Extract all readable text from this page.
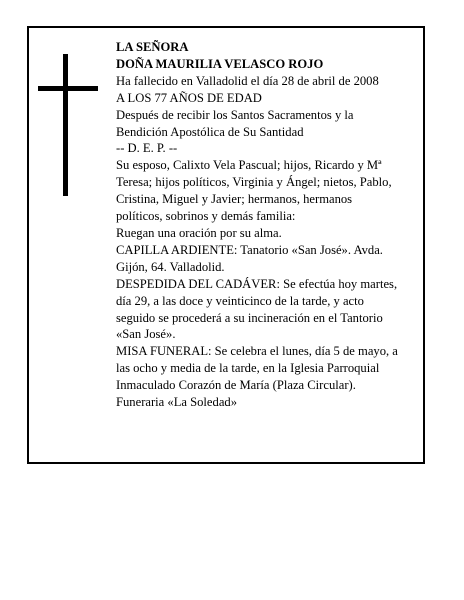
LA SEÑORA
DOÑA MAURILIA VELASCO ROJO
Ha fallecido en Valladolid el día 28 de abril de 2008
A LOS 77 AÑOS DE EDAD
Después de recibir los Santos Sacramentos y la
Bendición Apostólica de Su Santidad
-- D. E. P. --
Su esposo, Calixto Vela Pascual; hijos, Ricardo y Mª
Teresa; hijos políticos, Virginia y Ángel; nietos, Pablo,
Cristina, Miguel y Javier; hermanos, hermanos
políticos, sobrinos y demás familia:
Ruegan una oración por su alma.
CAPILLA ARDIENTE: Tanatorio «San José». Avda.
Gijón, 64. Valladolid.
DESPEDIDA DEL CADÁVER: Se efectúa hoy martes,
día 29, a las doce y veinticinco de la tarde, y acto
seguido se procederá a su incineración en el Tantorio
«San José».
MISA FUNERAL: Se celebra el lunes, día 5 de mayo, a
las ocho y media de la tarde, en la Iglesia Parroquial
Inmaculado Corazón de María (Plaza Circular).
Funeraria «La Soledad»
